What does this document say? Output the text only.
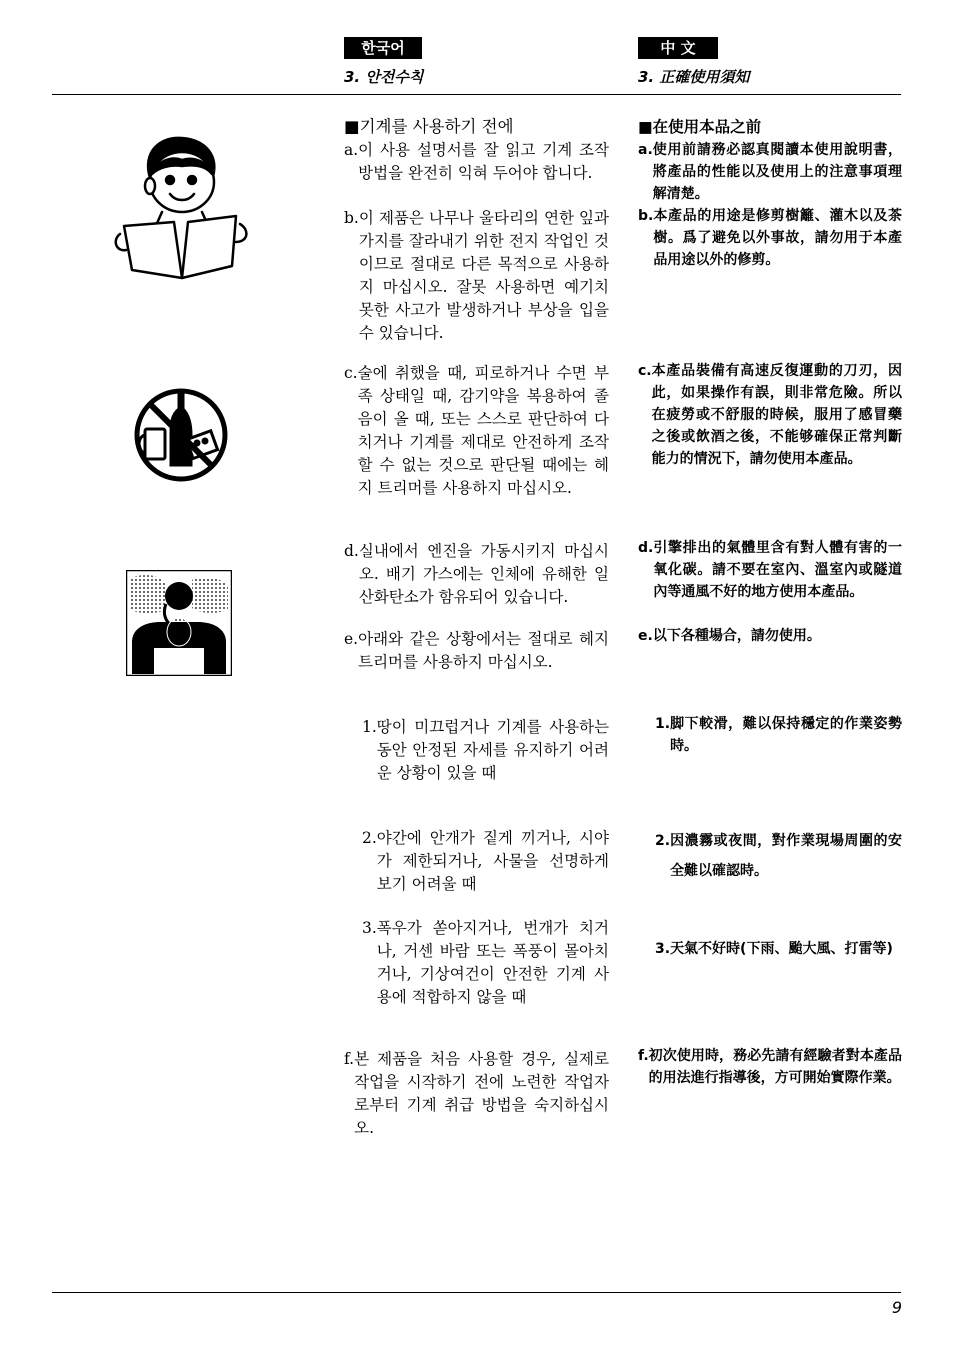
한국어	中 文
3. 안전수칙	3. 正確使用須知
■기계를 사용하기 전에
a. 이 사용 설명서를 잘 읽고 기계 조작 방법을 완전히 익혀 두어야 합니다.
b. 이 제품은 나무나 울타리의 연한 잎과 가지를 잘라내기 위한 전지 작업인 것이므로 절대로 다른 목적으로 사용하지 마십시오. 잘못 사용하면 예기치 못한 사고가 발생하거나 부상을 입을 수 있습니다.
c. 술에 취했을 때, 피로하거나 수면 부족 상태일 때, 감기약을 복용하여 졸음이 올 때, 또는 스스로 판단하여 다치거나 기계를 제대로 안전하게 조작할 수 없는 것으로 판단될 때에는 헤지 트리머를 사용하지 마십시오.
d. 실내에서 엔진을 가동시키지 마십시오. 배기 가스에는 인체에 유해한 일산화탄소가 함유되어 있습니다.
e. 아래와 같은 상황에서는 절대로 헤지 트리머를 사용하지 마십시오.
1. 땅이 미끄럽거나 기계를 사용하는 동안 안정된 자세를 유지하기 어려운 상황이 있을 때
2. 야간에 안개가 짙게 끼거나, 시야가 제한되거나, 사물을 선명하게 보기 어려울 때
3. 폭우가 쏟아지거나, 번개가 치거나, 거센 바람 또는 폭풍이 몰아치거나, 기상여건이 안전한 기계 사용에 적합하지 않을 때
f. 본 제품을 처음 사용할 경우, 실제로 작업을 시작하기 전에 노련한 작업자로부터 기계 취급 방법을 숙지하십시오.
■在使用本品之前
a. 使用前請務必認真閱讀本使用說明書，將產品的性能以及使用上的注意事項理解清楚。
b. 本產品的用途是修剪樹籬、灌木以及茶樹。爲了避免以外事故，請勿用于本產品用途以外的修剪。
c. 本產品裝備有高速反復運動的刀刃，因此，如果操作有誤，則非常危險。所以在疲勞或不舒服的時候，服用了感冒藥之後或飲酒之後，不能够確保正常判斷能力的情況下，請勿使用本產品。
d. 引擎排出的氣體里含有對人體有害的一氧化碳。請不要在室內、溫室內或隧道內等通風不好的地方使用本產品。
e. 以下各種場合，請勿使用。
1. 脚下較滑，難以保持穩定的作業姿勢時。
2. 因濃霧或夜間，對作業現場周圍的安全難以確認時。
3. 天氣不好時(下雨、颱大風、打雷等)
f. 初次使用時，務必先請有經驗者對本產品的用法進行指導後，方可開始實際作業。
9
